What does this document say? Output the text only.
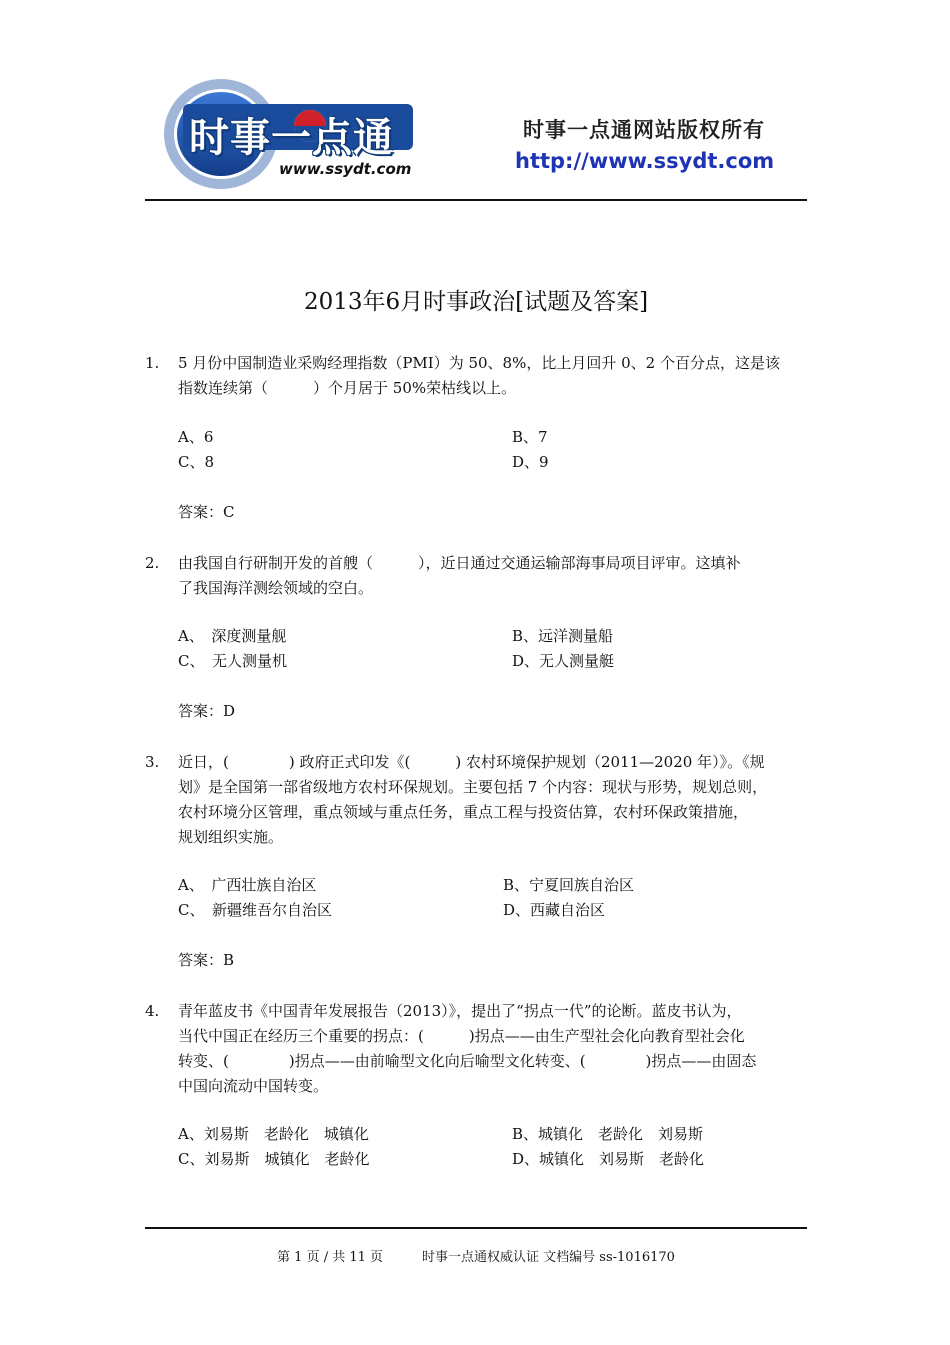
时事一点通
www.ssydt.com
时事一点通网站版权所有
http://www.ssydt.com
2013年6月时事政治[试题及答案]
1. 5 月份中国制造业采购经理指数（PMI）为 50、8%，比上月回升 0、2 个百分点，这是该
指数连续第（　　　）个月居于 50%荣枯线以上。
A、6	B、7
C、8	D、9
答案：C
2. 由我国自行研制开发的首艘（　　　），近日通过交通运输部海事局项目评审。这填补
了我国海洋测绘领域的空白。
A、　深度测量舰	B、远洋测量船
C、　无人测量机	D、无人测量艇
答案：D
3. 近日，(　　　　) 政府正式印发《(　　　) 农村环境保护规划（2011—2020 年）》。《规
划》是全国第一部省级地方农村环保规划。主要包括 7 个内容：现状与形势，规划总则，
农村环境分区管理，重点领域与重点任务，重点工程与投资估算，农村环保政策措施，
规划组织实施。
A、　广西壮族自治区	B、宁夏回族自治区
C、　新疆维吾尔自治区	D、西藏自治区
答案：B
4. 青年蓝皮书《中国青年发展报告（2013）》，提出了“拐点一代”的论断。蓝皮书认为，
当代中国正在经历三个重要的拐点：(　　　)拐点——由生产型社会化向教育型社会化
转变、(　　　　)拐点——由前喻型文化向后喻型文化转变、(　　　　)拐点——由固态
中国向流动中国转变。
A、刘易斯　老龄化　城镇化	B、城镇化　老龄化　刘易斯
C、刘易斯　城镇化　老龄化	D、城镇化　刘易斯　老龄化
第 1 页 / 共 11 页　　　时事一点通权威认证 文档编号 ss-1016170
